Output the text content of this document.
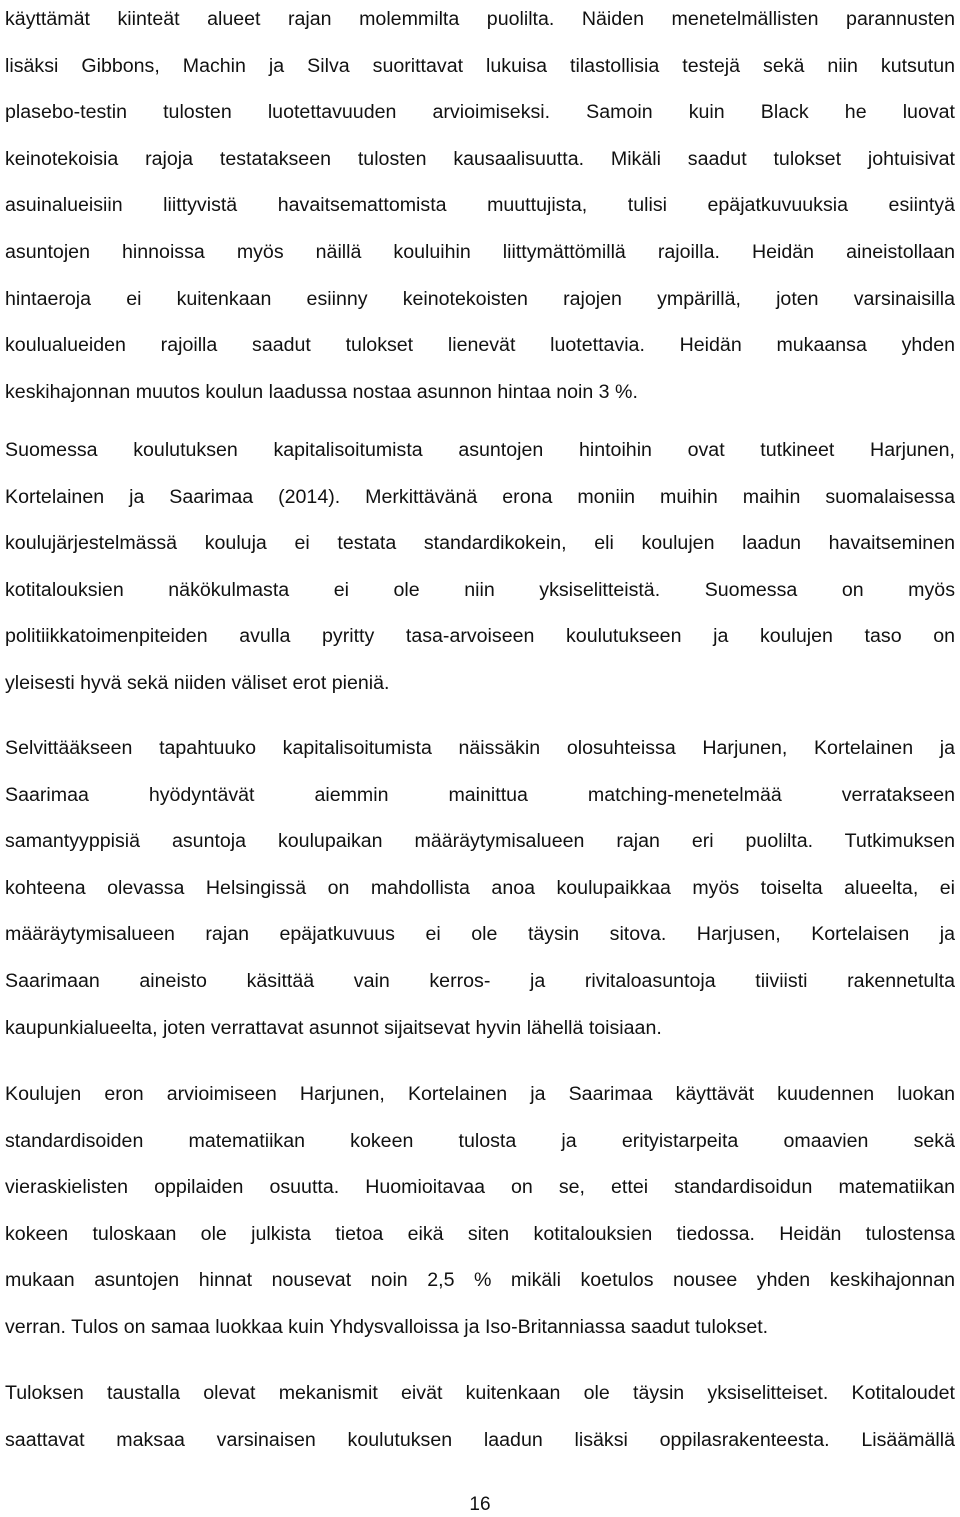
käyttämät kiinteät alueet rajan molemmilta puolilta. Näiden menetelmällisten parannusten
lisäksi Gibbons, Machin ja Silva suorittavat lukuisa tilastollisia testejä sekä niin kutsutun
plasebo-testin tulosten luotettavuuden arvioimiseksi. Samoin kuin Black he luovat
keinotekoisia rajoja testatakseen tulosten kausaalisuutta. Mikäli saadut tulokset johtuisivat
asuinalueisiin liittyvistä havaitsemattomista muuttujista, tulisi epäjatkuvuuksia esiintyä
asuntojen hinnoissa myös näillä kouluihin liittymättömillä rajoilla. Heidän aineistollaan
hintaeroja ei kuitenkaan esiinny keinotekoisten rajojen ympärillä, joten varsinaisilla
koulualueiden rajoilla saadut tulokset lienevät luotettavia. Heidän mukaansa yhden
keskihajonnan muutos koulun laadussa nostaa asunnon hintaa noin 3 %.
Suomessa koulutuksen kapitalisoitumista asuntojen hintoihin ovat tutkineet Harjunen,
Kortelainen ja Saarimaa (2014). Merkittävänä erona moniin muihin maihin suomalaisessa
koulujärjestelmässä kouluja ei testata standardikokein, eli koulujen laadun havaitseminen
kotitalouksien näkökulmasta ei ole niin yksiselitteistä. Suomessa on myös
politiikkatoimenpiteiden avulla pyritty tasa-arvoiseen koulutukseen ja koulujen taso on
yleisesti hyvä sekä niiden väliset erot pieniä.
Selvittääkseen tapahtuuko kapitalisoitumista näissäkin olosuhteissa Harjunen, Kortelainen ja
Saarimaa hyödyntävät aiemmin mainittua matching-menetelmää verratakseen
samantyyppisiä asuntoja koulupaikan määräytymisalueen rajan eri puolilta. Tutkimuksen
kohteena olevassa Helsingissä on mahdollista anoa koulupaikkaa myös toiselta alueelta, ei
määräytymisalueen rajan epäjatkuvuus ei ole täysin sitova. Harjusen, Kortelaisen ja
Saarimaan aineisto käsittää vain kerros- ja rivitaloasuntoja tiiviisti rakennetulta
kaupunkialueelta, joten verrattavat asunnot sijaitsevat hyvin lähellä toisiaan.
Koulujen eron arvioimiseen Harjunen, Kortelainen ja Saarimaa käyttävät kuudennen luokan
standardisoiden matematiikan kokeen tulosta ja erityistarpeita omaavien sekä
vieraskielisten oppilaiden osuutta. Huomioitavaa on se, ettei standardisoidun matematiikan
kokeen tuloskaan ole julkista tietoa eikä siten kotitalouksien tiedossa. Heidän tulostensa
mukaan asuntojen hinnat nousevat noin 2,5 % mikäli koetulos nousee yhden keskihajonnan
verran. Tulos on samaa luokkaa kuin Yhdysvalloissa ja Iso-Britanniassa saadut tulokset.
Tuloksen taustalla olevat mekanismit eivät kuitenkaan ole täysin yksiselitteiset. Kotitaloudet
saattavat maksaa varsinaisen koulutuksen laadun lisäksi oppilasrakenteesta. Lisäämällä
16
